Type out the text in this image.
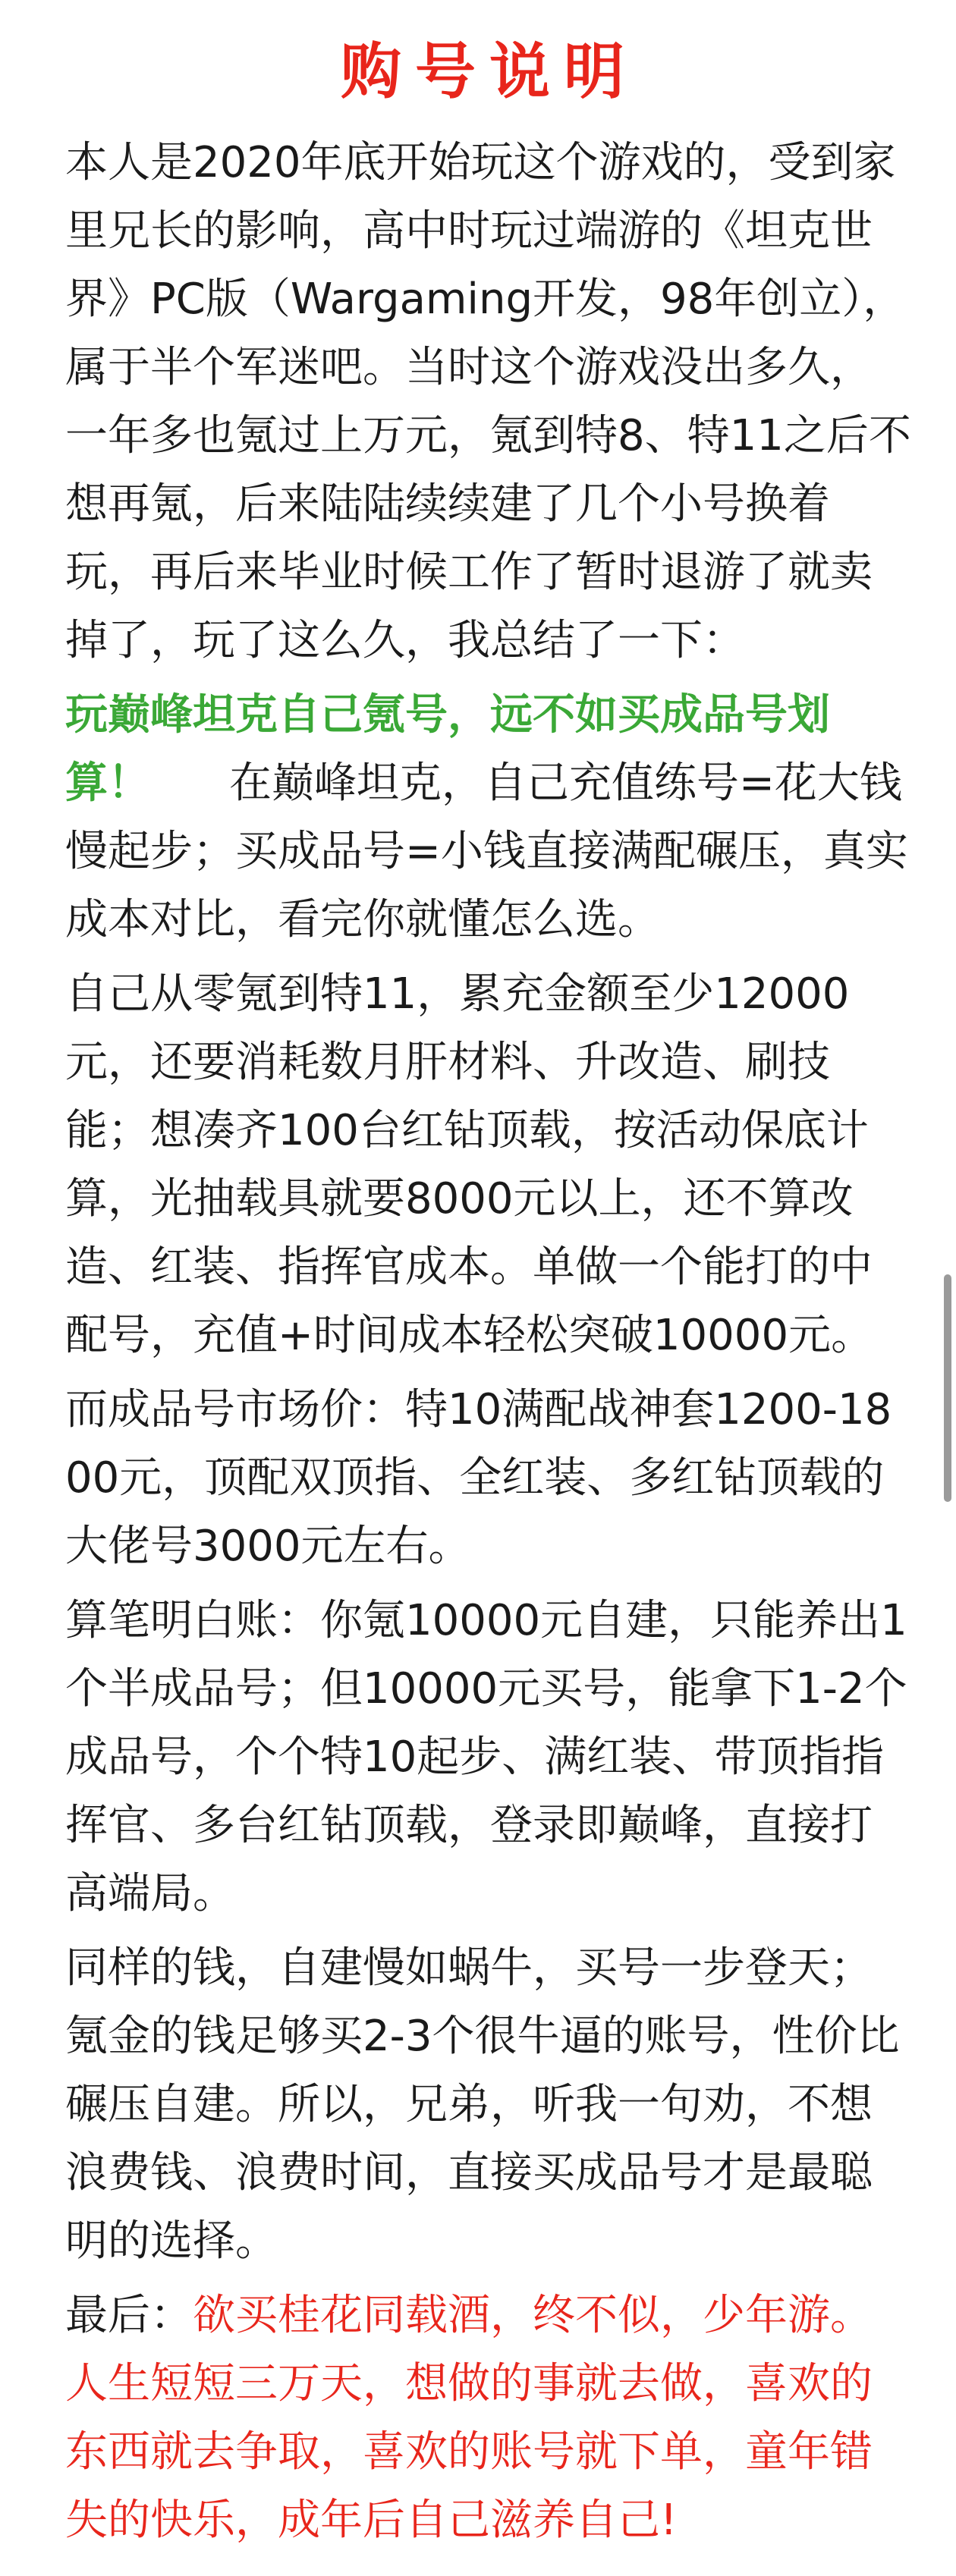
购号说明

本人是2020年底开始玩这个游戏的，受到家里兄长的影响，高中时玩过端游的《坦克世界》PC版（Wargaming开发，98年创立），属于半个军迷吧。当时这个游戏没出多久，一年多也氪过上万元，氪到特8、特11之后不想再氪，后来陆陆续续建了几个小号换着玩，再后来毕业时候工作了暂时退游了就卖掉了，玩了这么久，我总结了一下：

玩巅峰坦克自己氪号，远不如买成品号划算！ 在巅峰坦克，自己充值练号=花大钱慢起步；买成品号=小钱直接满配碾压，真实成本对比，看完你就懂怎么选。

自己从零氪到特11，累充金额至少12000元，还要消耗数月肝材料、升改造、刷技能；想凑齐100台红钻顶载，按活动保底计算，光抽载具就要8000元以上，还不算改造、红装、指挥官成本。单做一个能打的中配号，充值+时间成本轻松突破10000元。

而成品号市场价：特10满配战神套1200-1800元，顶配双顶指、全红装、多红钻顶载的大佬号3000元左右。

算笔明白账：你氪10000元自建，只能养出1个半成品号；但10000元买号，能拿下1-2个成品号，个个特10起步、满红装、带顶指指挥官、多台红钻顶载，登录即巅峰，直接打高端局。

同样的钱，自建慢如蜗牛，买号一步登天；氪金的钱足够买2-3个很牛逼的账号，性价比碾压自建。所以，兄弟，听我一句劝，不想浪费钱、浪费时间，直接买成品号才是最聪明的选择。

最后：欲买桂花同载酒，终不似，少年游。人生短短三万天，想做的事就去做，喜欢的东西就去争取，喜欢的账号就下单，童年错失的快乐，成年后自己滋养自己!
